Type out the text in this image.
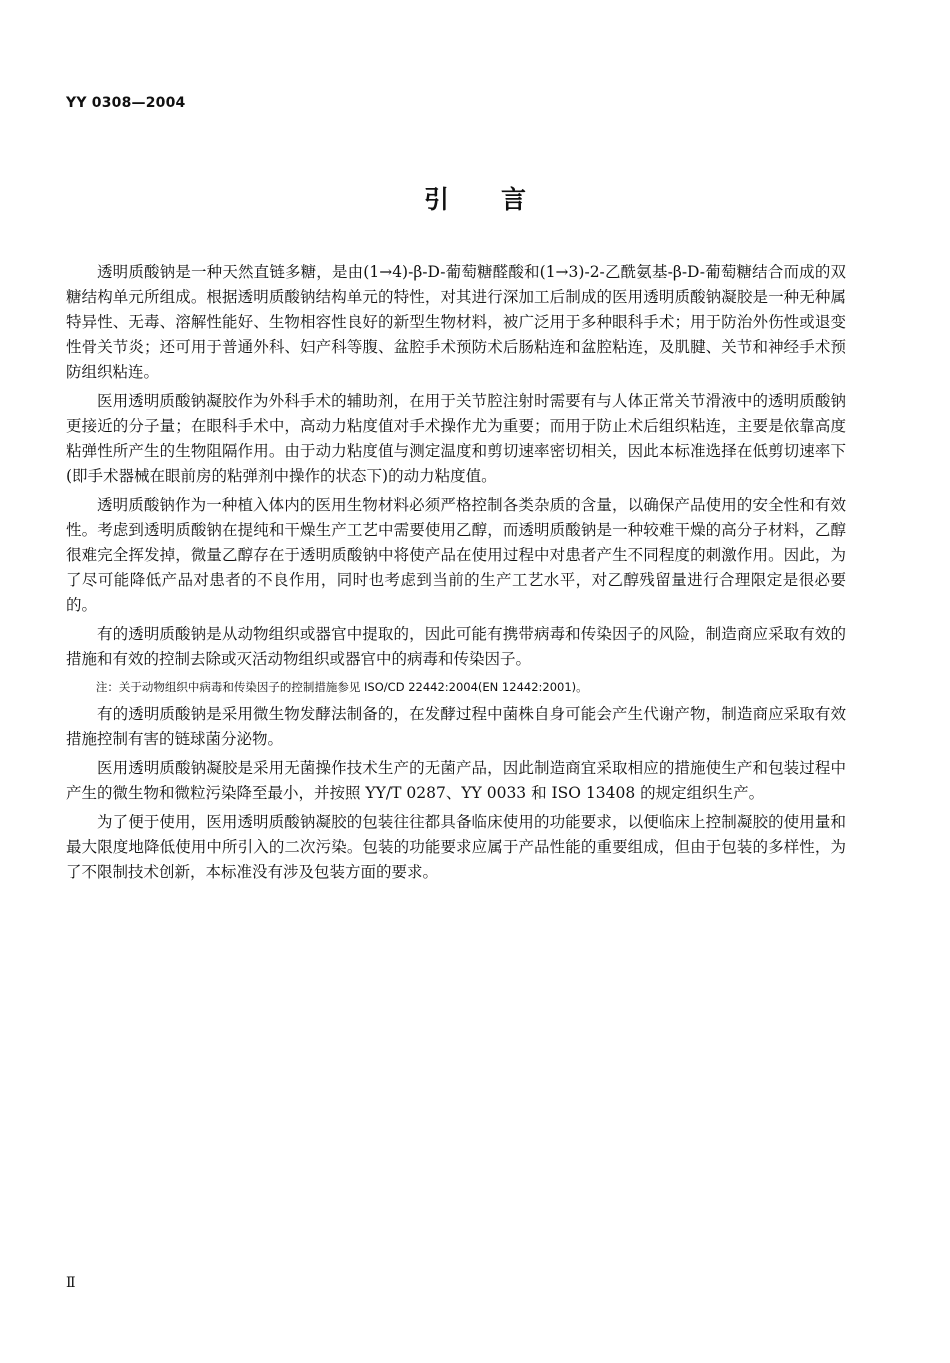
YY 0308—2004
引言

透明质酸钠是一种天然直链多糖，是由(1→4)-β-D-葡萄糖醛酸和(1→3)-2-乙酰氨基-β-D-葡萄糖结合而成的双糖结构单元所组成。根据透明质酸钠结构单元的特性，对其进行深加工后制成的医用透明质酸钠凝胶是一种无种属特异性、无毒、溶解性能好、生物相容性良好的新型生物材料，被广泛用于多种眼科手术；用于防治外伤性或退变性骨关节炎；还可用于普通外科、妇产科等腹、盆腔手术预防术后肠粘连和盆腔粘连，及肌腱、关节和神经手术预防组织粘连。

医用透明质酸钠凝胶作为外科手术的辅助剂，在用于关节腔注射时需要有与人体正常关节滑液中的透明质酸钠更接近的分子量；在眼科手术中，高动力粘度值对手术操作尤为重要；而用于防止术后组织粘连，主要是依靠高度粘弹性所产生的生物阻隔作用。由于动力粘度值与测定温度和剪切速率密切相关，因此本标准选择在低剪切速率下(即手术器械在眼前房的粘弹剂中操作的状态下)的动力粘度值。

透明质酸钠作为一种植入体内的医用生物材料必须严格控制各类杂质的含量，以确保产品使用的安全性和有效性。考虑到透明质酸钠在提纯和干燥生产工艺中需要使用乙醇，而透明质酸钠是一种较难干燥的高分子材料，乙醇很难完全挥发掉，微量乙醇存在于透明质酸钠中将使产品在使用过程中对患者产生不同程度的刺激作用。因此，为了尽可能降低产品对患者的不良作用，同时也考虑到当前的生产工艺水平，对乙醇残留量进行合理限定是很必要的。

有的透明质酸钠是从动物组织或器官中提取的，因此可能有携带病毒和传染因子的风险，制造商应采取有效的措施和有效的控制去除或灭活动物组织或器官中的病毒和传染因子。

注：关于动物组织中病毒和传染因子的控制措施参见 ISO/CD 22442:2004(EN 12442:2001)。

有的透明质酸钠是采用微生物发酵法制备的，在发酵过程中菌株自身可能会产生代谢产物，制造商应采取有效措施控制有害的链球菌分泌物。

医用透明质酸钠凝胶是采用无菌操作技术生产的无菌产品，因此制造商宜采取相应的措施使生产和包装过程中产生的微生物和微粒污染降至最小，并按照 YY/T 0287、YY 0033 和 ISO 13408 的规定组织生产。

为了便于使用，医用透明质酸钠凝胶的包装往往都具备临床使用的功能要求，以便临床上控制凝胶的使用量和最大限度地降低使用中所引入的二次污染。包装的功能要求应属于产品性能的重要组成，但由于包装的多样性，为了不限制技术创新，本标准没有涉及包装方面的要求。

Ⅱ
